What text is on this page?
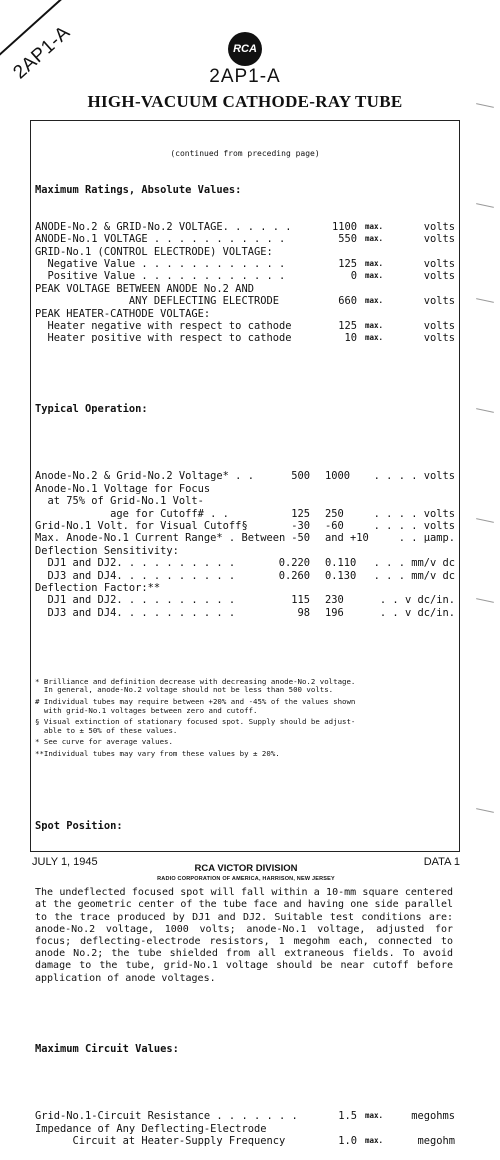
2AP1-A	RCA
2AP1-A
HIGH-VACUUM CATHODE-RAY TUBE

(continued from preceding page)

Maximum Ratings, Absolute Values:

ANODE-No.2 & GRID-No.2 VOLTAGE. . . . . .	1100 max.	volts
ANODE-No.1 VOLTAGE . . . . . . . . . . .	550 max.	volts
GRID-No.1 (CONTROL ELECTRODE) VOLTAGE:
Negative Value . . . . . . . . . . . .	125 max.	volts
Positive Value . . . . . . . . . . . .	0 max.	volts
PEAK VOLTAGE BETWEEN ANODE No.2 AND
ANY DEFLECTING ELECTRODE	660 max.	volts
PEAK HEATER-CATHODE VOLTAGE:
Heater negative with respect to cathode	125 max.	volts
Heater positive with respect to cathode	10 max.	volts

Typical Operation:

Anode-No.2 & Grid-No.2 Voltage* . .	500 1000 . . . . volts
Anode-No.1 Voltage for Focus
at 75% of Grid-No.1 Volt-
age for Cutoff# . .	125 250	. . . . volts
Grid-No.1 Volt. for Visual Cutoff§	-30 -60	. . . . volts
Max. Anode-No.1 Current Range* . Between -50 and +10	. . μamp.
Deflection Sensitivity:
DJ1 and DJ2. . . . . . . . . .	0.220 0.110 . . . mm/v dc
DJ3 and DJ4. . . . . . . . . .	0.260 0.130 . . . mm/v dc
Deflection Factor:**
DJ1 and DJ2. . . . . . . . . .	115 230	. . v dc/in.
DJ3 and DJ4. . . . . . . . . .	98 196	. . v dc/in.

* Brilliance and definition decrease with decreasing anode-No.2 voltage.
In general, anode-No.2 voltage should not be less than 500 volts.
# Individual tubes may require between +20% and -45% of the values shown
with grid-No.1 voltages between zero and cutoff.
§ Visual extinction of stationary focused spot. Supply should be adjust-
able to ± 50% of these values.
* See curve for average values.
**Individual tubes may vary from these values by ± 20%.

Spot Position:

The undeflected focused spot will fall within a 10-mm square centered at the geometric center of the tube face and having one side parallel to the trace produced by DJ1 and DJ2. Suitable test conditions are: anode-No.2 voltage, 1000 volts; anode-No.1 voltage, adjusted for focus; deflecting-electrode resistors, 1 megohm each, connected to anode No.2; the tube shielded from all extraneous fields. To avoid damage to the tube, grid-No.1 voltage should be near cutoff before application of anode voltages.

Maximum Circuit Values:

Grid-No.1-Circuit Resistance . . . . . . .	1.5 max.	megohms
Impedance of Any Deflecting-Electrode
Circuit at Heater-Supply Frequency	1.0 max.	megohm

JULY 1, 1945
RCA VICTOR DIVISION
RADIO CORPORATION OF AMERICA, HARRISON, NEW JERSEY
DATA 1
